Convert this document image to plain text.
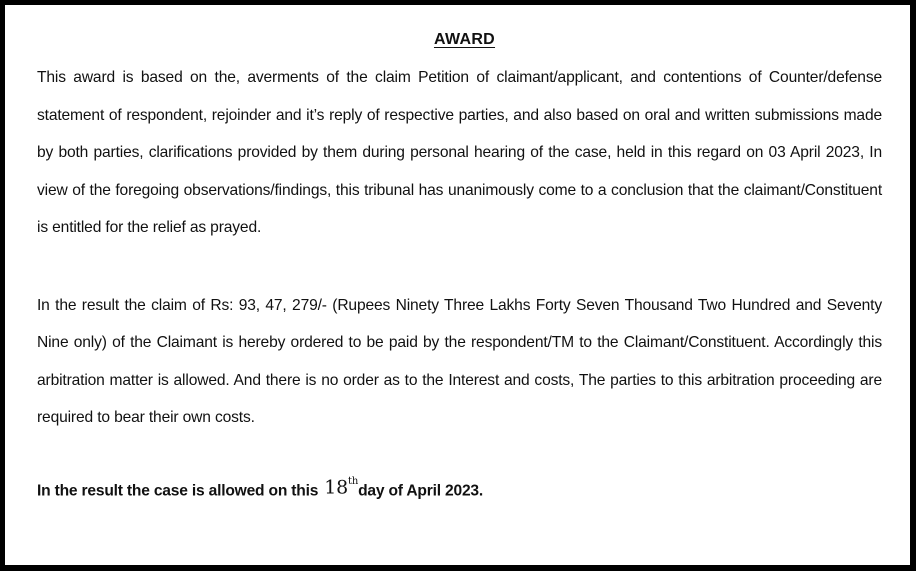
AWARD

This award is based on the, averments of the claim Petition of claimant/applicant, and contentions of Counter/defense statement of respondent, rejoinder and it’s reply of respective parties, and also based on oral and written submissions made by both parties, clarifications provided by them during personal hearing of the case, held in this regard on 03 April 2023, In view of the foregoing observations/findings, this tribunal has unanimously come to a conclusion that the claimant/Constituent is entitled for the relief as prayed.

In the result the claim of Rs: 93, 47, 279/- (Rupees Ninety Three Lakhs Forty Seven Thousand Two Hundred and Seventy Nine only) of the Claimant is hereby ordered to be paid by the respondent/TM to the Claimant/Constituent. Accordingly this arbitration matter is allowed. And there is no order as to the Interest and costs, The parties to this arbitration proceeding are required to bear their own costs.

In the result the case is allowed on this 18thday of April 2023.
